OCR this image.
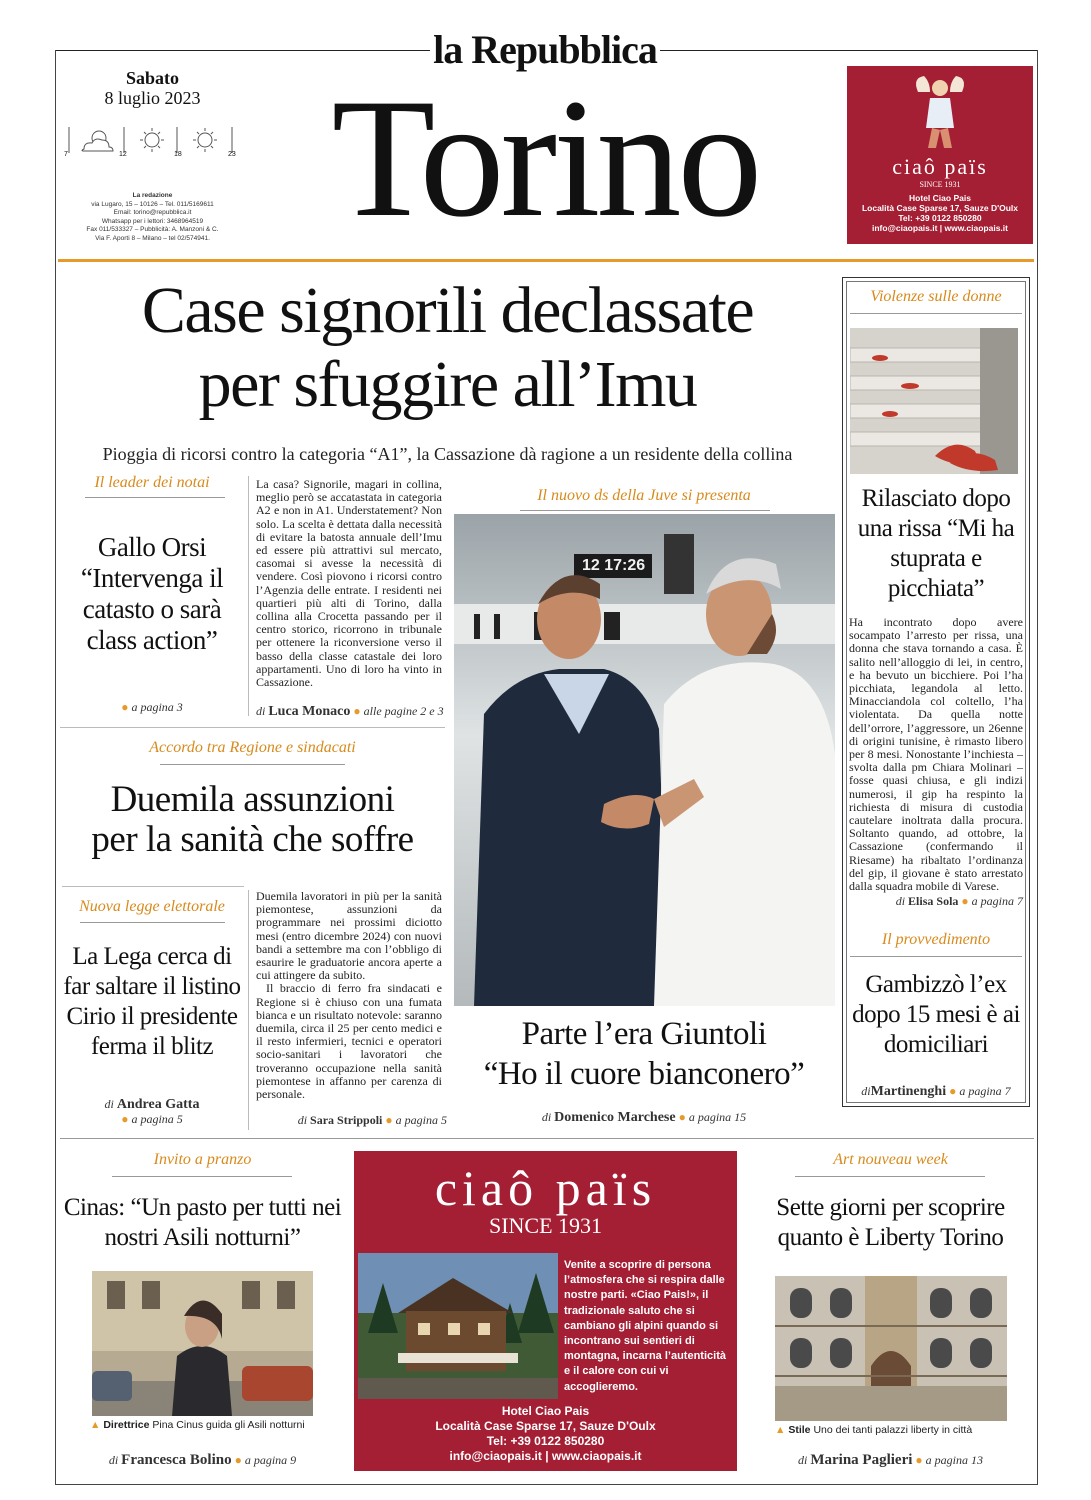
la Repubblica
Torino
Sabato
8 luglio 2023
7	12	18	23
La redazione
via Lugaro, 15 – 10126 – Tel. 011/5169611
Email: torino@repubblica.it
Whatsapp per i lettori: 3468964519
Fax 011/533327 – Pubblicità: A. Manzoni & C.
Via F. Aporti 8 – Milano – tel 02/574941.
ciaô païs
SINCE 1931
Hotel Ciao Pais
Località Case Sparse 17, Sauze D'Oulx
Tel: +39 0122 850280
info@ciaopais.it | www.ciaopais.it
Case signorili declassate
per sfuggire all’Imu
Pioggia di ricorsi contro la categoria “A1”, la Cassazione dà ragione a un residente della collina
Il leader dei notai
Gallo Orsi “Intervenga il catasto o sarà class action”
● a pagina 3
La casa? Signorile, magari in collina, meglio però se accatastata in categoria A2 e non in A1. Understatement? Non solo. La scelta è dettata dalla necessità di evitare la batosta annuale dell’Imu ed essere più attrattivi sul mercato, casomai si avesse la necessità di vendere. Così piovono i ricorsi contro l’Agenzia delle entrate. I residenti nei quartieri più alti di Torino, dalla collina alla Crocetta passando per il centro storico, ricorrono in tribunale per ottenere la riconversione verso il basso della classe catastale dei loro appartamenti. Uno di loro ha vinto in Cassazione.
di Luca Monaco ● alle pagine 2 e 3
Accordo tra Regione e sindacati
Duemila assunzioni
per la sanità che soffre
Nuova legge elettorale
La Lega cerca di far saltare il listino Cirio il presidente ferma il blitz
di Andrea Gatta
● a pagina 5

Duemila lavoratori in più per la sanità piemontese, assunzioni da programmare nei prossimi diciotto mesi (entro dicembre 2024) con nuovi bandi a settembre ma con l’obbligo di esaurire le graduatorie ancora aperte a cui attingere da subito.

Il braccio di ferro fra sindacati e Regione si è chiuso con una fumata bianca e un risultato notevole: saranno duemila, circa il 25 per cento medici e il resto infermieri, tecnici e operatori socio-sanitari i lavoratori che troveranno occupazione nella sanità piemontese in affanno per carenza di personale.

di Sara Strippoli ● a pagina 5
Il nuovo ds della Juve si presenta
12 17:26
Parte l’era Giuntoli
“Ho il cuore bianconero”
di Domenico Marchese ● a pagina 15
Violenze sulle donne
Rilasciato dopo una rissa “Mi ha stuprata e picchiata”
Ha incontrato dopo avere socampato l’arresto per rissa, una donna che stava tornando a casa. È salito nell’alloggio di lei, in centro, e ha bevuto un bicchiere. Poi l’ha picchiata, legandola al letto. Minacciandola col coltello, l’ha violentata. Da quella notte dell’orrore, l’aggressore, un 26enne di origini tunisine, è rimasto libero per 8 mesi. Nonostante l’inchiesta – svolta dalla pm Chiara Molinari – fosse quasi chiusa, e gli indizi numerosi, il gip ha respinto la richiesta di misura di custodia cautelare inoltrata dalla procura. Soltanto quando, ad ottobre, la Cassazione (confermando il Riesame) ha ribaltato l’ordinanza del gip, il giovane è stato arrestato dalla squadra mobile di Varese.
di Elisa Sola ● a pagina 7
Il provvedimento
Gambizzò l’ex dopo 15 mesi è ai domiciliari
diMartinenghi ● a pagina 7
Invito a pranzo
Cinas: “Un pasto per tutti nei nostri Asili notturni”
▲ Direttrice Pina Cinus guida gli Asili notturni
di Francesca Bolino ● a pagina 9
ciaô païs
SINCE 1931
Venite a scoprire di persona l’atmosfera che si respira dalle nostre parti. «Ciao Pais!», il tradizionale saluto che si cambiano gli alpini quando si incontrano sui sentieri di montagna, incarna l’autenticità e il calore con cui vi accoglieremo.
Hotel Ciao Pais
Località Case Sparse 17, Sauze D'Oulx
Tel: +39 0122 850280
info@ciaopais.it | www.ciaopais.it
Art nouveau week
Sette giorni per scoprire quanto è Liberty Torino
▲ Stile Uno dei tanti palazzi liberty in città
di Marina Paglieri ● a pagina 13
